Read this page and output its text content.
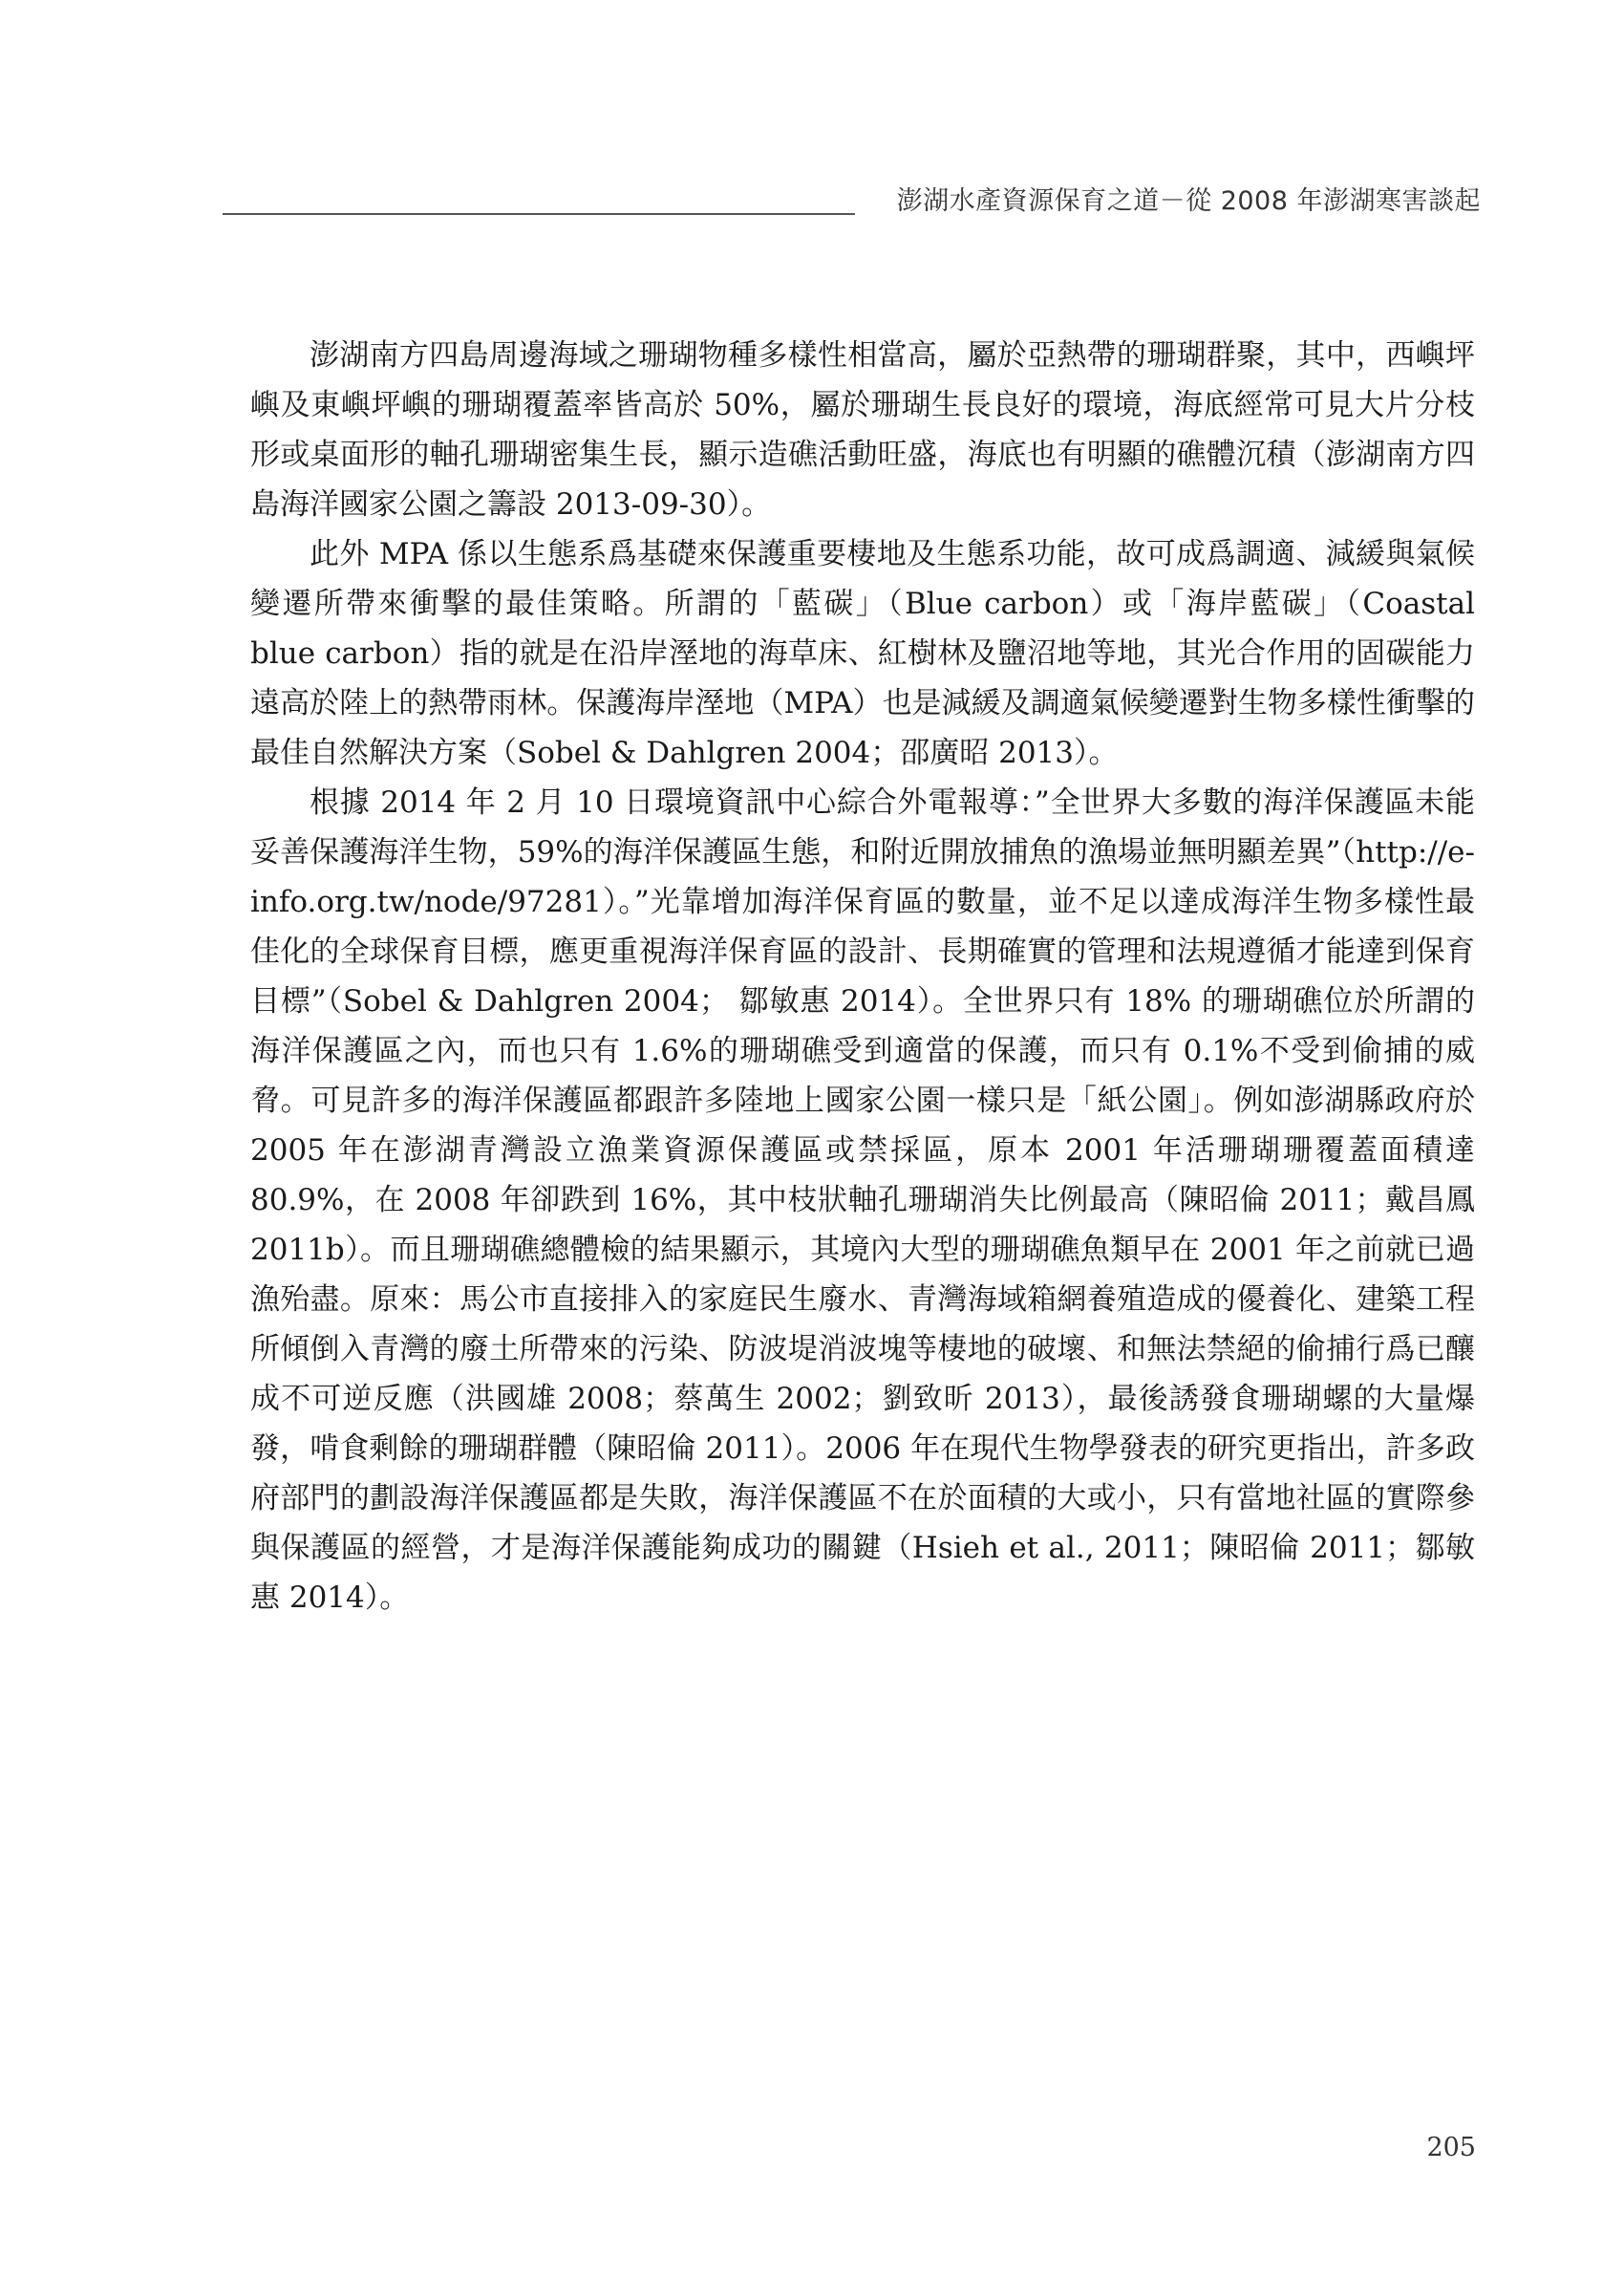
澎湖水產資源保育之道－從 2008 年澎湖寒害談起

澎湖南方四島周邊海域之珊瑚物種多樣性相當高，屬於亞熱帶的珊瑚群聚，其中，西嶼坪嶼及東嶼坪嶼的珊瑚覆蓋率皆高於 50%，屬於珊瑚生長良好的環境，海底經常可見大片分枝形或桌面形的軸孔珊瑚密集生長，顯示造礁活動旺盛，海底也有明顯的礁體沉積（澎湖南方四島海洋國家公園之籌設 2013-09-30）。

此外 MPA 係以生態系爲基礎來保護重要棲地及生態系功能，故可成爲調適、減緩與氣候變遷所帶來衝擊的最佳策略。所謂的「藍碳」（Blue carbon）或「海岸藍碳」（Coastal blue carbon）指的就是在沿岸溼地的海草床、紅樹林及鹽沼地等地，其光合作用的固碳能力遠高於陸上的熱帶雨林。保護海岸溼地（MPA）也是減緩及調適氣候變遷對生物多樣性衝擊的最佳自然解決方案（Sobel & Dahlgren 2004；邵廣昭 2013）。

根據 2014 年 2 月 10 日環境資訊中心綜合外電報導：”全世界大多數的海洋保護區未能妥善保護海洋生物，59%的海洋保護區生態，和附近開放捕魚的漁場並無明顯差異”（http://e-info.org.tw/node/97281）。”光靠增加海洋保育區的數量，並不足以達成海洋生物多樣性最佳化的全球保育目標，應更重視海洋保育區的設計、長期確實的管理和法規遵循才能達到保育目標”（Sobel & Dahlgren 2004； 鄒敏惠 2014）。全世界只有 18% 的珊瑚礁位於所謂的海洋保護區之內，而也只有 1.6%的珊瑚礁受到適當的保護，而只有 0.1%不受到偷捕的威脅。可見許多的海洋保護區都跟許多陸地上國家公園一樣只是「紙公園」。例如澎湖縣政府於 2005 年在澎湖青灣設立漁業資源保護區或禁採區，原本 2001 年活珊瑚珊覆蓋面積達 80.9%，在 2008 年卻跌到 16%，其中枝狀軸孔珊瑚消失比例最高（陳昭倫 2011；戴昌鳳 2011b）。而且珊瑚礁總體檢的結果顯示，其境內大型的珊瑚礁魚類早在 2001 年之前就已過漁殆盡。原來：馬公市直接排入的家庭民生廢水、青灣海域箱網養殖造成的優養化、建築工程所傾倒入青灣的廢土所帶來的污染、防波堤消波塊等棲地的破壞、和無法禁絕的偷捕行爲已釀成不可逆反應（洪國雄 2008；蔡萬生 2002；劉致昕 2013），最後誘發食珊瑚螺的大量爆發，啃食剩餘的珊瑚群體（陳昭倫 2011）。2006 年在現代生物學發表的研究更指出，許多政府部門的劃設海洋保護區都是失敗，海洋保護區不在於面積的大或小，只有當地社區的實際參與保護區的經營，才是海洋保護能夠成功的關鍵（Hsieh et al., 2011；陳昭倫 2011；鄒敏惠 2014）。

205
